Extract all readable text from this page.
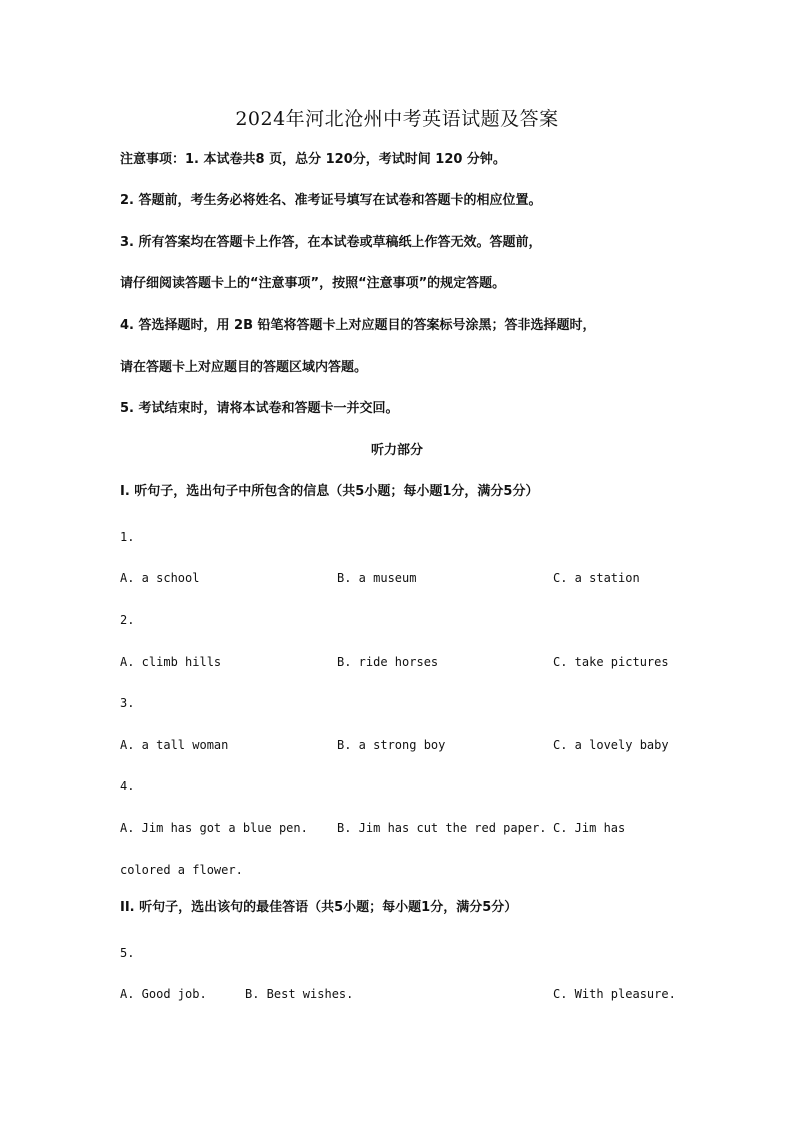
2024年河北沧州中考英语试题及答案
注意事项：1. 本试卷共8 页，总分 120分，考试时间 120 分钟。
2. 答题前，考生务必将姓名、准考证号填写在试卷和答题卡的相应位置。
3. 所有答案均在答题卡上作答，在本试卷或草稿纸上作答无效。答题前，
请仔细阅读答题卡上的“注意事项”，按照“注意事项”的规定答题。
4. 答选择题时，用 2B 铅笔将答题卡上对应题目的答案标号涂黑；答非选择题时，
请在答题卡上对应题目的答题区域内答题。
5. 考试结束时，请将本试卷和答题卡一并交回。
听力部分
I. 听句子，选出句子中所包含的信息（共5小题；每小题1分，满分5分）
1.
A. a school	B. a museum	C. a station
2.
A. climb hills	B. ride horses	C. take pictures
3.
A. a tall woman	B. a strong boy	C. a lovely baby
4.
A. Jim has got a blue pen. B. Jim has cut the red paper. C. Jim has
colored a flower.
II. 听句子，选出该句的最佳答语（共5小题；每小题1分，满分5分）
5.
A. Good job.	B. Best wishes.	C. With pleasure.
